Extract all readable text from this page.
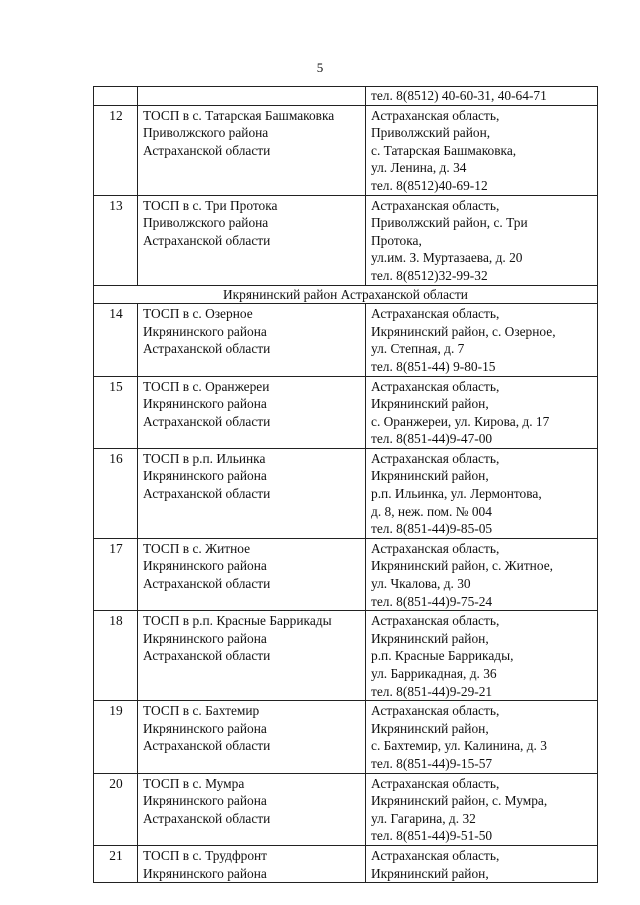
5

		тел. 8(8512) 40-60-31, 40-64-71

12	ТОСП в с. Татарская Башмаковка
Приволжского района
Астраханской области	Астраханская область,
Приволжский район,
с. Татарская Башмаковка,
ул. Ленина, д. 34
тел. 8(8512)40-69-12

13	ТОСП в с. Три Протока
Приволжского района
Астраханской области	Астраханская область,
Приволжский район, с. Три
Протока,
ул.им. З. Муртазаева, д. 20
тел. 8(8512)32-99-32

Икрянинский район Астраханской области		
14	ТОСП в с. Озерное
Икрянинского района
Астраханской области	Астраханская область,
Икрянинский район, с. Озерное,
ул. Степная, д. 7
тел. 8(851-44) 9-80-15

15	ТОСП в с. Оранжереи
Икрянинского района
Астраханской области	Астраханская область,
Икрянинский район,
с. Оранжереи, ул. Кирова, д. 17
тел. 8(851-44)9-47-00

16	ТОСП в р.п. Ильинка
Икрянинского района
Астраханской области	Астраханская область,
Икрянинский район,
р.п. Ильинка, ул. Лермонтова,
д. 8, неж. пом. № 004
тел. 8(851-44)9-85-05

17	ТОСП в с. Житное
Икрянинского района
Астраханской области	Астраханская область,
Икрянинский район, с. Житное,
ул. Чкалова, д. 30
тел. 8(851-44)9-75-24

18	ТОСП в р.п. Красные Баррикады
Икрянинского района
Астраханской области	Астраханская область,
Икрянинский район,
р.п. Красные Баррикады,
ул. Баррикадная, д. 36
тел. 8(851-44)9-29-21

19	ТОСП в с. Бахтемир
Икрянинского района
Астраханской области	Астраханская область,
Икрянинский район,
с. Бахтемир, ул. Калинина, д. 3
тел. 8(851-44)9-15-57

20	ТОСП в с. Мумра
Икрянинского района
Астраханской области	Астраханская область,
Икрянинский район, с. Мумра,
ул. Гагарина, д. 32
тел. 8(851-44)9-51-50

21	ТОСП в с. Трудфронт
Икрянинского района	Астраханская область,
Икрянинский район,
